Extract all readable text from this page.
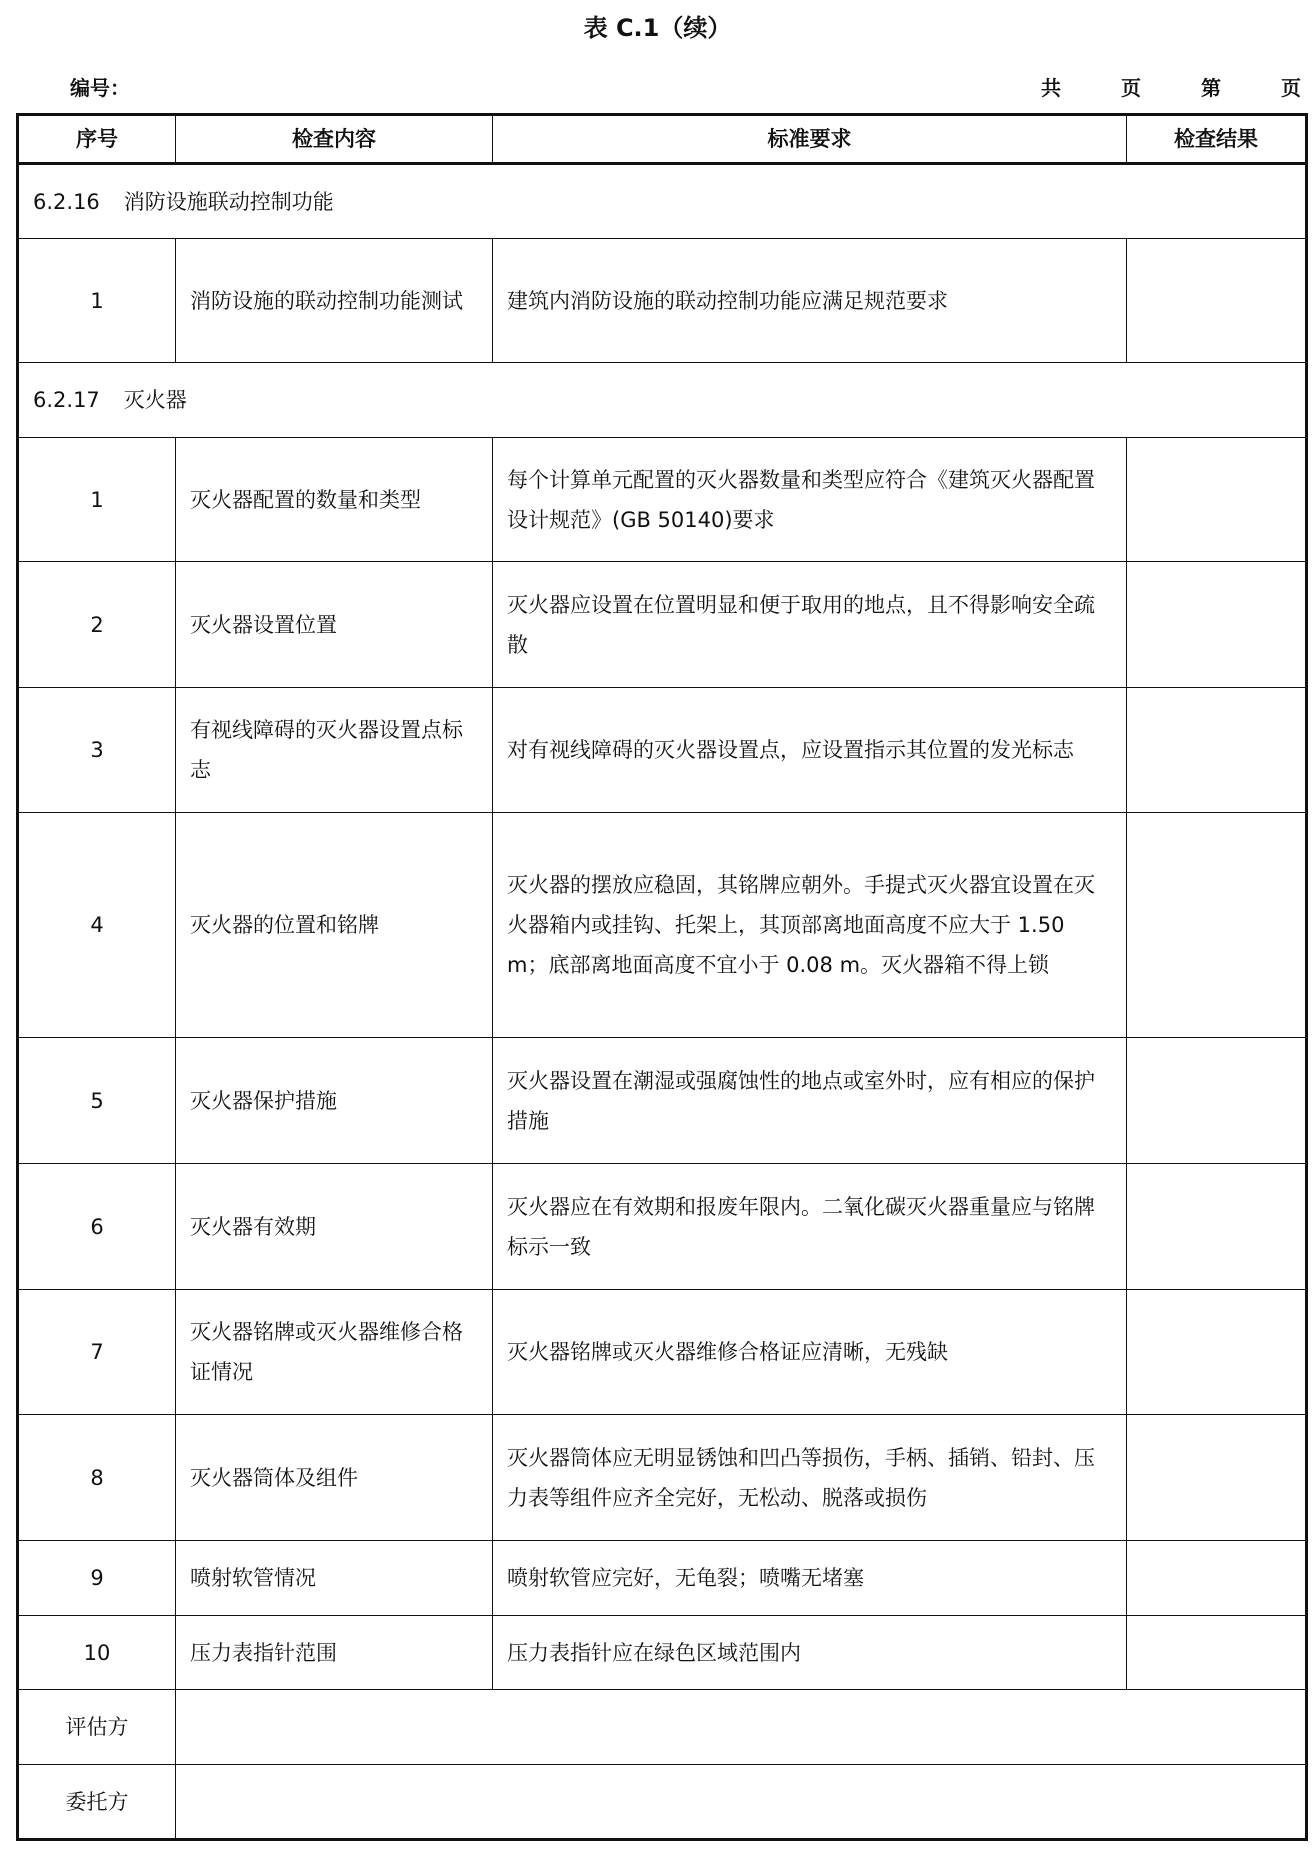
表 C.1（续）
编号：	共	页	第	页
序号	检查内容	标准要求	检查结果
6.2.16 消防设施联动控制功能			
1	消防设施的联动控制功能测试	建筑内消防设施的联动控制功能应满足规范要求	
6.2.17 灭火器			
1	灭火器配置的数量和类型	每个计算单元配置的灭火器数量和类型应符合《建筑灭火器配置设计规范》(GB 50140)要求	
2	灭火器设置位置	灭火器应设置在位置明显和便于取用的地点，且不得影响安全疏散	
3	有视线障碍的灭火器设置点标志	对有视线障碍的灭火器设置点，应设置指示其位置的发光标志	
4	灭火器的位置和铭牌	灭火器的摆放应稳固，其铭牌应朝外。手提式灭火器宜设置在灭火器箱内或挂钩、托架上，其顶部离地面高度不应大于 1.50 m；底部离地面高度不宜小于 0.08 m。灭火器箱不得上锁	
5	灭火器保护措施	灭火器设置在潮湿或强腐蚀性的地点或室外时，应有相应的保护措施	
6	灭火器有效期	灭火器应在有效期和报废年限内。二氧化碳灭火器重量应与铭牌标示一致	
7	灭火器铭牌或灭火器维修合格证情况	灭火器铭牌或灭火器维修合格证应清晰，无残缺	
8	灭火器筒体及组件	灭火器筒体应无明显锈蚀和凹凸等损伤，手柄、插销、铅封、压力表等组件应齐全完好，无松动、脱落或损伤	
9	喷射软管情况	喷射软管应完好，无龟裂；喷嘴无堵塞	
10	压力表指针范围	压力表指针应在绿色区域范围内	
评估方			
委托方			
